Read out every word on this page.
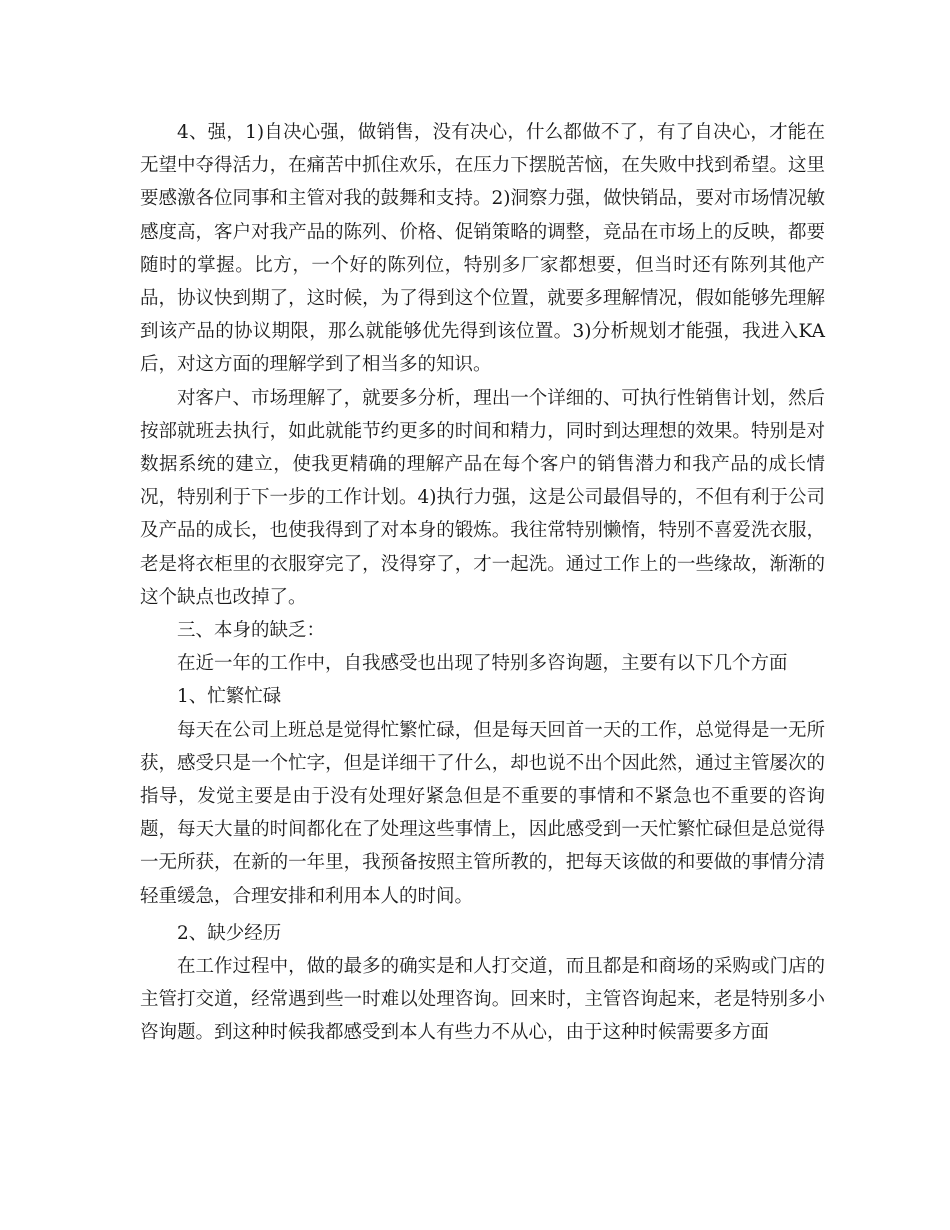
4、强，1)自决心强，做销售，没有决心，什么都做不了，有了自决心，才能在无望中夺得活力，在痛苦中抓住欢乐，在压力下摆脱苦恼，在失败中找到希望。这里要感激各位同事和主管对我的鼓舞和支持。2)洞察力强，做快销品，要对市场情况敏感度高，客户对我产品的陈列、价格、促销策略的调整，竞品在市场上的反映，都要随时的掌握。比方，一个好的陈列位，特别多厂家都想要，但当时还有陈列其他产品，协议快到期了，这时候，为了得到这个位置，就要多理解情况，假如能够先理解到该产品的协议期限，那么就能够优先得到该位置。3)分析规划才能强，我进入KA后，对这方面的理解学到了相当多的知识。

对客户、市场理解了，就要多分析，理出一个详细的、可执行性销售计划，然后按部就班去执行，如此就能节约更多的时间和精力，同时到达理想的效果。特别是对数据系统的建立，使我更精确的理解产品在每个客户的销售潜力和我产品的成长情况，特别利于下一步的工作计划。4)执行力强，这是公司最倡导的，不但有利于公司及产品的成长，也使我得到了对本身的锻炼。我往常特别懒惰，特别不喜爱洗衣服，老是将衣柜里的衣服穿完了，没得穿了，才一起洗。通过工作上的一些缘故，渐渐的这个缺点也改掉了。

三、本身的缺乏：

在近一年的工作中，自我感受也出现了特别多咨询题，主要有以下几个方面

1、忙繁忙碌

每天在公司上班总是觉得忙繁忙碌，但是每天回首一天的工作，总觉得是一无所获，感受只是一个忙字，但是详细干了什么，却也说不出个因此然，通过主管屡次的指导，发觉主要是由于没有处理好紧急但是不重要的事情和不紧急也不重要的咨询题，每天大量的时间都化在了处理这些事情上，因此感受到一天忙繁忙碌但是总觉得一无所获，在新的一年里，我预备按照主管所教的，把每天该做的和要做的事情分清轻重缓急，合理安排和利用本人的时间。

2、缺少经历

在工作过程中，做的最多的确实是和人打交道，而且都是和商场的采购或门店的主管打交道，经常遇到些一时难以处理咨询。回来时，主管咨询起来，老是特别多小咨询题。到这种时候我都感受到本人有些力不从心，由于这种时候需要多方面
